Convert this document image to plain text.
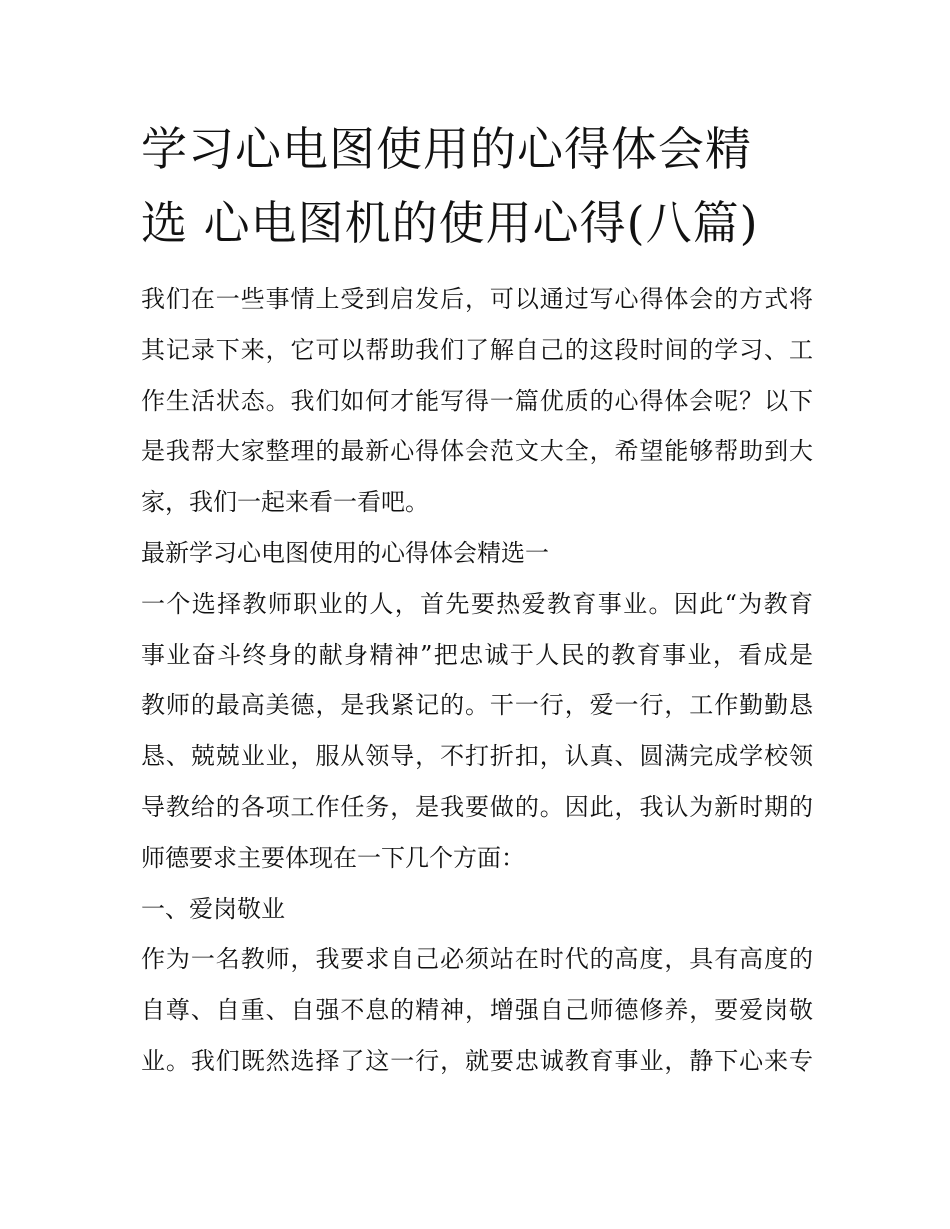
学习心电图使用的心得体会精
选 心电图机的使用心得(八篇)
我们在一些事情上受到启发后，可以通过写心得体会的方式将
其记录下来，它可以帮助我们了解自己的这段时间的学习、工
作生活状态。我们如何才能写得一篇优质的心得体会呢？以下
是我帮大家整理的最新心得体会范文大全，希望能够帮助到大
家，我们一起来看一看吧。
最新学习心电图使用的心得体会精选一
一个选择教师职业的人，首先要热爱教育事业。因此“为教育
事业奋斗终身的献身精神”把忠诚于人民的教育事业，看成是
教师的最高美德，是我紧记的。干一行，爱一行，工作勤勤恳
恳、兢兢业业，服从领导，不打折扣，认真、圆满完成学校领
导教给的各项工作任务，是我要做的。因此，我认为新时期的
师德要求主要体现在一下几个方面：
一、爱岗敬业
作为一名教师，我要求自己必须站在时代的高度，具有高度的
自尊、自重、自强不息的精神，增强自己师德修养，要爱岗敬
业。我们既然选择了这一行，就要忠诚教育事业，静下心来专
